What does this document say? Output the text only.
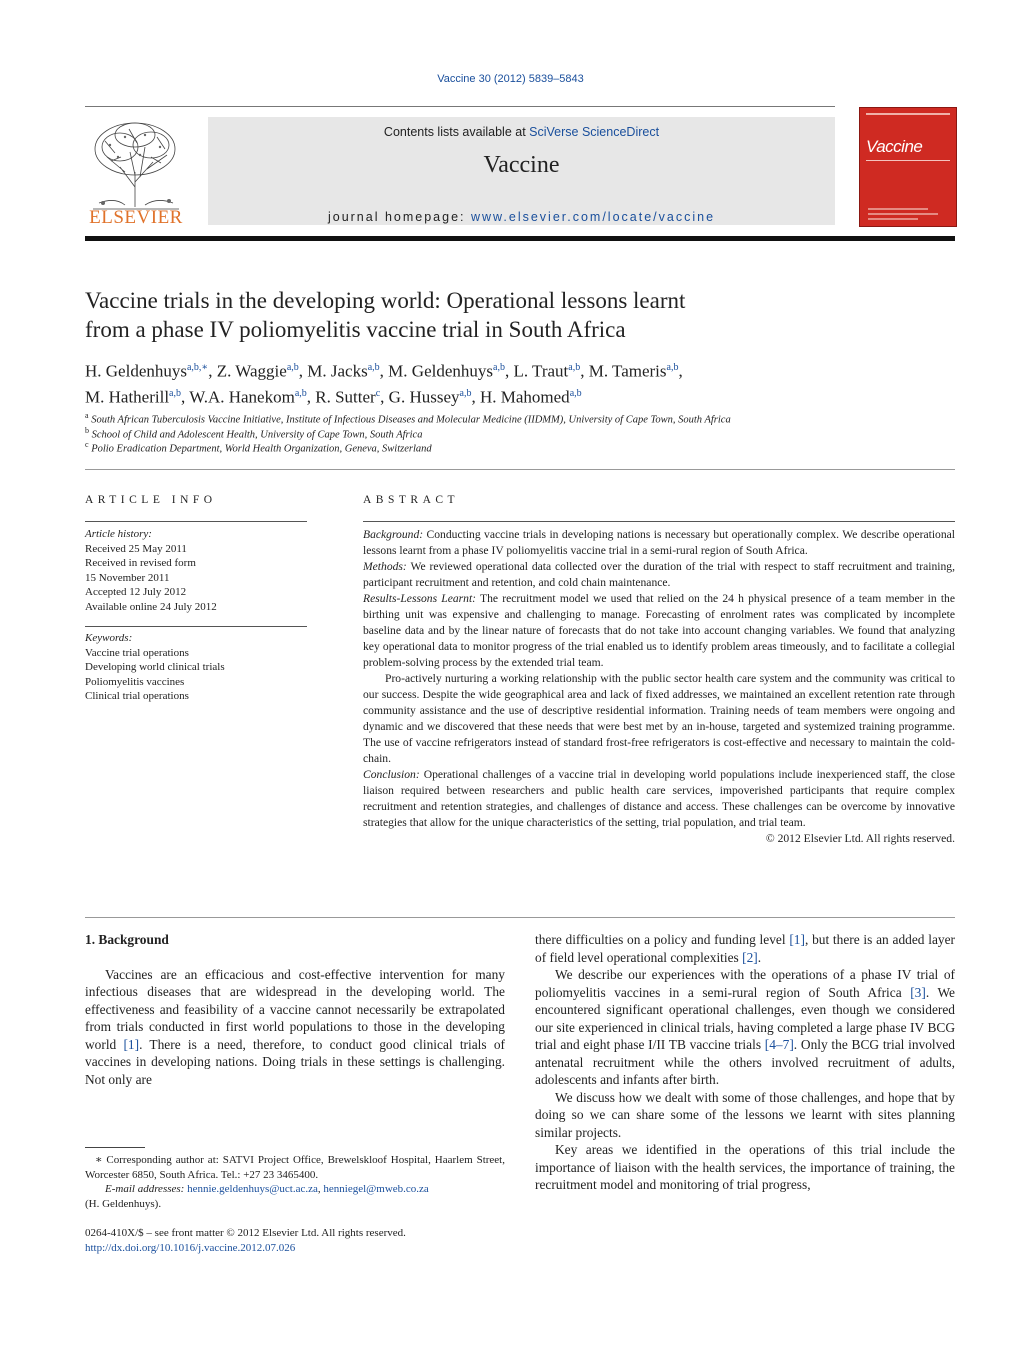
Vaccine 30 (2012) 5839–5843
ELSEVIER
Contents lists available at SciVerse ScienceDirect
Vaccine
journal homepage: www.elsevier.com/locate/vaccine
Vaccine
Vaccine trials in the developing world: Operational lessons learnt
from a phase IV poliomyelitis vaccine trial in South Africa
H. Geldenhuys$^{a,b,∗}$, Z. Waggie$^{a,b}$, M. Jacks$^{a,b}$, M. Geldenhuys$^{a,b}$, L. Traut$^{a,b}$, M. Tameris$^{a,b}$,
M. Hatherill$^{a,b}$, W.A. Hanekom$^{a,b}$, R. Sutter$^c$, G. Hussey$^{a,b}$, H. Mahomed$^{a,b}$
$^a$ South African Tuberculosis Vaccine Initiative, Institute of Infectious Diseases and Molecular Medicine (IIDMM), University of Cape Town, South Africa
$^b$ School of Child and Adolescent Health, University of Cape Town, South Africa
$^c$ Polio Eradication Department, World Health Organization, Geneva, Switzerland
ARTICLE INFO
Article history:
Received 25 May 2011
Received in revised form
15 November 2011
Accepted 12 July 2012
Available online 24 July 2012
Keywords:
Vaccine trial operations
Developing world clinical trials
Poliomyelitis vaccines
Clinical trial operations
ABSTRACT

Background: Conducting vaccine trials in developing nations is necessary but operationally complex. We describe operational lessons learnt from a phase IV poliomyelitis vaccine trial in a semi-rural region of South Africa.

Methods: We reviewed operational data collected over the duration of the trial with respect to staff recruitment and training, participant recruitment and retention, and cold chain maintenance.

Results-Lessons Learnt: The recruitment model we used that relied on the 24 h physical presence of a team member in the birthing unit was expensive and challenging to manage. Forecasting of enrolment rates was complicated by incomplete baseline data and by the linear nature of forecasts that do not take into account changing variables. We found that analyzing key operational data to monitor progress of the trial enabled us to identify problem areas timeously, and to facilitate a collegial problem-solving process by the extended trial team.

Pro-actively nurturing a working relationship with the public sector health care system and the community was critical to our success. Despite the wide geographical area and lack of fixed addresses, we maintained an excellent retention rate through community assistance and the use of descriptive residential information. Training needs of team members were ongoing and dynamic and we discovered that these needs that were best met by an in-house, targeted and systemized training programme. The use of vaccine refrigerators instead of standard frost-free refrigerators is cost-effective and necessary to maintain the cold-chain.

Conclusion: Operational challenges of a vaccine trial in developing world populations include inexperienced staff, the close liaison required between researchers and public health care services, impoverished participants that require complex recruitment and retention strategies, and challenges of distance and access. These challenges can be overcome by innovative strategies that allow for the unique characteristics of the setting, trial population, and trial team.

© 2012 Elsevier Ltd. All rights reserved.

1. Background

Vaccines are an efficacious and cost-effective intervention for many infectious diseases that are widespread in the developing world. The effectiveness and feasibility of a vaccine cannot necessarily be extrapolated from trials conducted in first world populations to those in the developing world [1]. There is a need, therefore, to conduct good clinical trials of vaccines in developing nations. Doing trials in these settings is challenging. Not only are

there difficulties on a policy and funding level [1], but there is an added layer of field level operational complexities [2].

We describe our experiences with the operations of a phase IV trial of poliomyelitis vaccines in a semi-rural region of South Africa [3]. We encountered significant operational challenges, even though we considered our site experienced in clinical trials, having completed a large phase IV BCG trial and eight phase I/II TB vaccine trials [4–7]. Only the BCG trial involved antenatal recruitment while the others involved recruitment of adults, adolescents and infants after birth.

We discuss how we dealt with some of those challenges, and hope that by doing so we can share some of the lessons we learnt with sites planning similar projects.

Key areas we identified in the operations of this trial include the importance of liaison with the health services, the importance of training, the recruitment model and monitoring of trial progress,

∗ Corresponding author at: SATVI Project Office, Brewelskloof Hospital, Haarlem Street, Worcester 6850, South Africa. Tel.: +27 23 3465400.
E-mail addresses: hennie.geldenhuys@uct.ac.za, henniegel@mweb.co.za
(H. Geldenhuys).
0264-410X/$ – see front matter © 2012 Elsevier Ltd. All rights reserved.
http://dx.doi.org/10.1016/j.vaccine.2012.07.026
